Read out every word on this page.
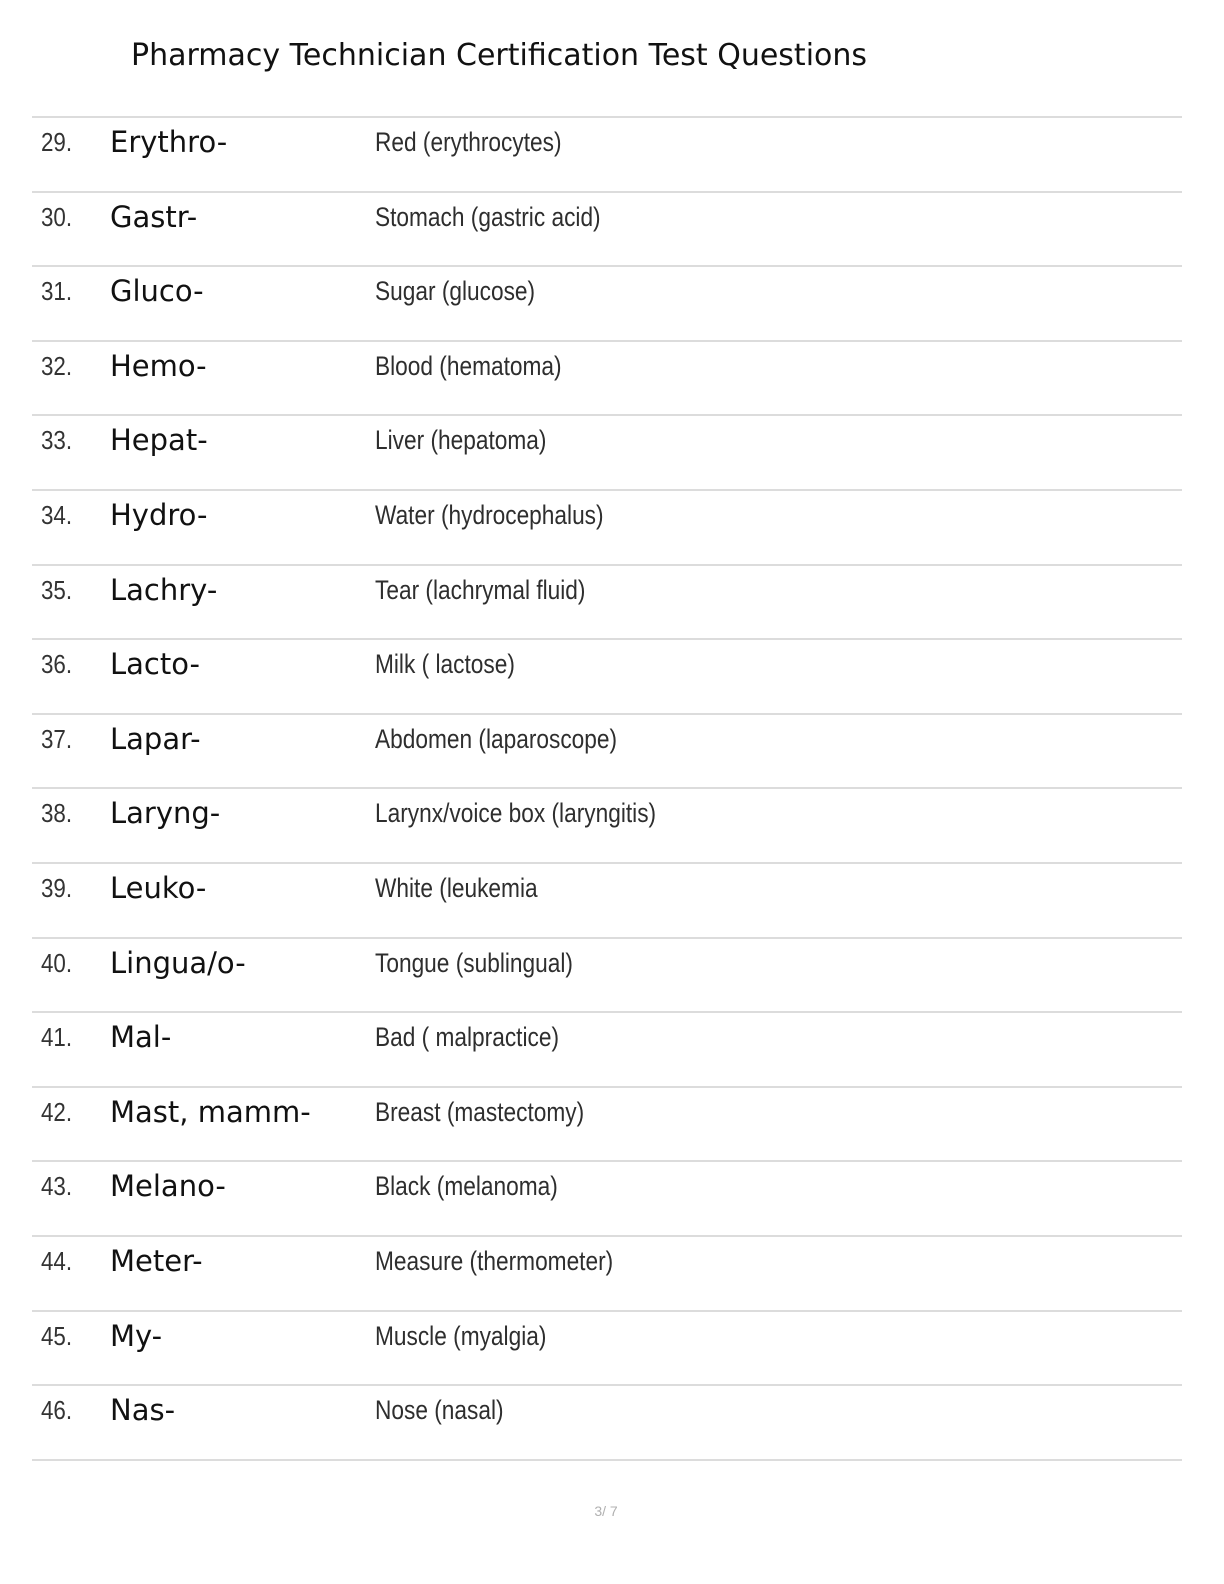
Pharmacy Technician Certification Test Questions
29. Erythro-	Red (erythrocytes)
30. Gastr-	Stomach (gastric acid)
31. Gluco-	Sugar (glucose)
32. Hemo-	Blood (hematoma)
33. Hepat-	Liver (hepatoma)
34. Hydro-	Water (hydrocephalus)
35. Lachry-	Tear (lachrymal fluid)
36. Lacto-	Milk ( lactose)
37. Lapar-	Abdomen (laparoscope)
38. Laryng-	Larynx/voice box (laryngitis)
39. Leuko-	White (leukemia
40. Lingua/o-	Tongue (sublingual)
41. Mal-	Bad ( malpractice)
42. Mast, mamm- Breast (mastectomy)
43. Melano-	Black (melanoma)
44. Meter-	Measure (thermometer)
45. My-	Muscle (myalgia)
46. Nas-	Nose (nasal)
3/ 7
